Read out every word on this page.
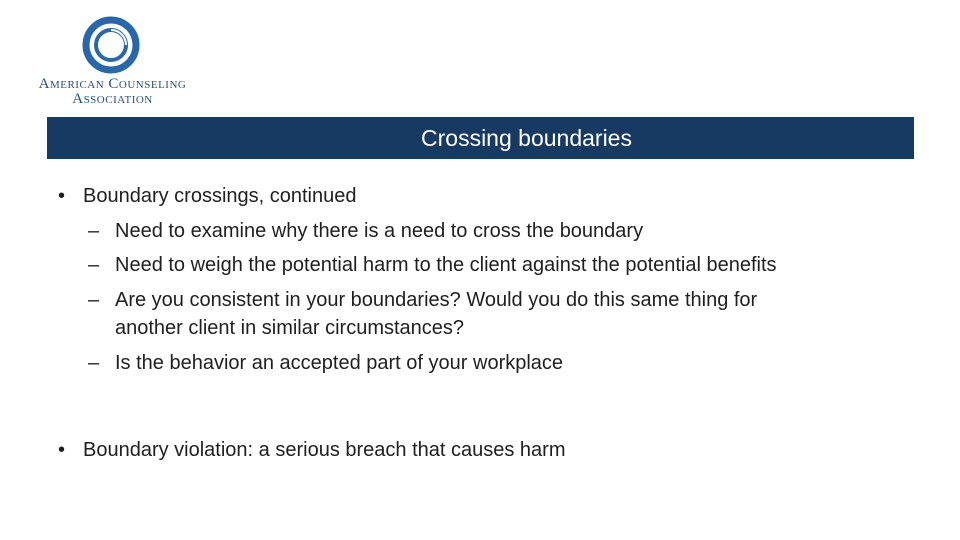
American Counseling
Association
Crossing boundaries
• Boundary crossings, continued
– Need to examine why there is a need to cross the boundary
– Need to weigh the potential harm to the client against the potential benefits
– Are you consistent in your boundaries? Would you do this same thing for
another client in similar circumstances?
– Is the behavior an accepted part of your workplace
• Boundary violation: a serious breach that causes harm
